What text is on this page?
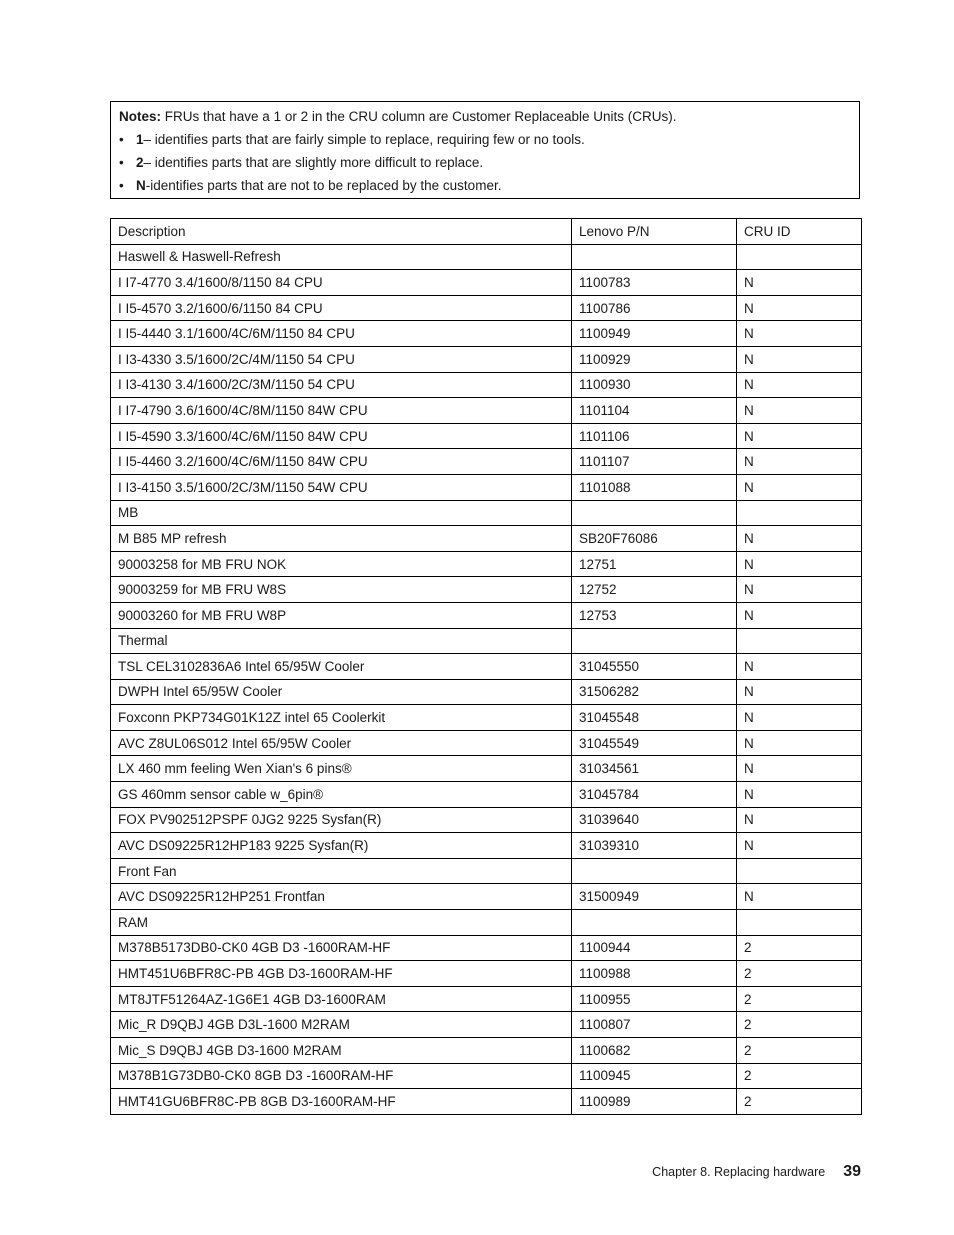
Notes: FRUs that have a 1 or 2 in the CRU column are Customer Replaceable Units (CRUs).
• 1– identifies parts that are fairly simple to replace, requiring few or no tools.
• 2– identifies parts that are slightly more difficult to replace.
• N-identifies parts that are not to be replaced by the customer.
Description	Lenovo P/N	CRU ID
Haswell & Haswell-Refresh		
I I7-4770 3.4/1600/8/1150 84 CPU	1100783	N
I I5-4570 3.2/1600/6/1150 84 CPU	1100786	N
I I5-4440 3.1/1600/4C/6M/1150 84 CPU	1100949	N
I I3-4330 3.5/1600/2C/4M/1150 54 CPU	1100929	N
I I3-4130 3.4/1600/2C/3M/1150 54 CPU	1100930	N
I I7-4790 3.6/1600/4C/8M/1150 84W CPU	1101104	N
I I5-4590 3.3/1600/4C/6M/1150 84W CPU	1101106	N
I I5-4460 3.2/1600/4C/6M/1150 84W CPU	1101107	N
I I3-4150 3.5/1600/2C/3M/1150 54W CPU	1101088	N
MB		
M B85 MP refresh	SB20F76086	N
90003258 for MB FRU NOK	12751	N
90003259 for MB FRU W8S	12752	N
90003260 for MB FRU W8P	12753	N
Thermal		
TSL CEL3102836A6 Intel 65/95W Cooler	31045550	N
DWPH Intel 65/95W Cooler	31506282	N
Foxconn PKP734G01K12Z intel 65 Coolerkit	31045548	N
AVC Z8UL06S012 Intel 65/95W Cooler	31045549	N
LX 460 mm feeling Wen Xian's 6 pins®	31034561	N
GS 460mm sensor cable w_6pin®	31045784	N
FOX PV902512PSPF 0JG2 9225 Sysfan(R)	31039640	N
AVC DS09225R12HP183 9225 Sysfan(R)	31039310	N
Front Fan		
AVC DS09225R12HP251 Frontfan	31500949	N
RAM		
M378B5173DB0-CK0 4GB D3 -1600RAM-HF	1100944	2
HMT451U6BFR8C-PB 4GB D3-1600RAM-HF	1100988	2
MT8JTF51264AZ-1G6E1 4GB D3-1600RAM	1100955	2
Mic_R D9QBJ 4GB D3L-1600 M2RAM	1100807	2
Mic_S D9QBJ 4GB D3-1600 M2RAM	1100682	2
M378B1G73DB0-CK0 8GB D3 -1600RAM-HF	1100945	2
HMT41GU6BFR8C-PB 8GB D3-1600RAM-HF	1100989	2
Chapter 8. Replacing hardware 39
